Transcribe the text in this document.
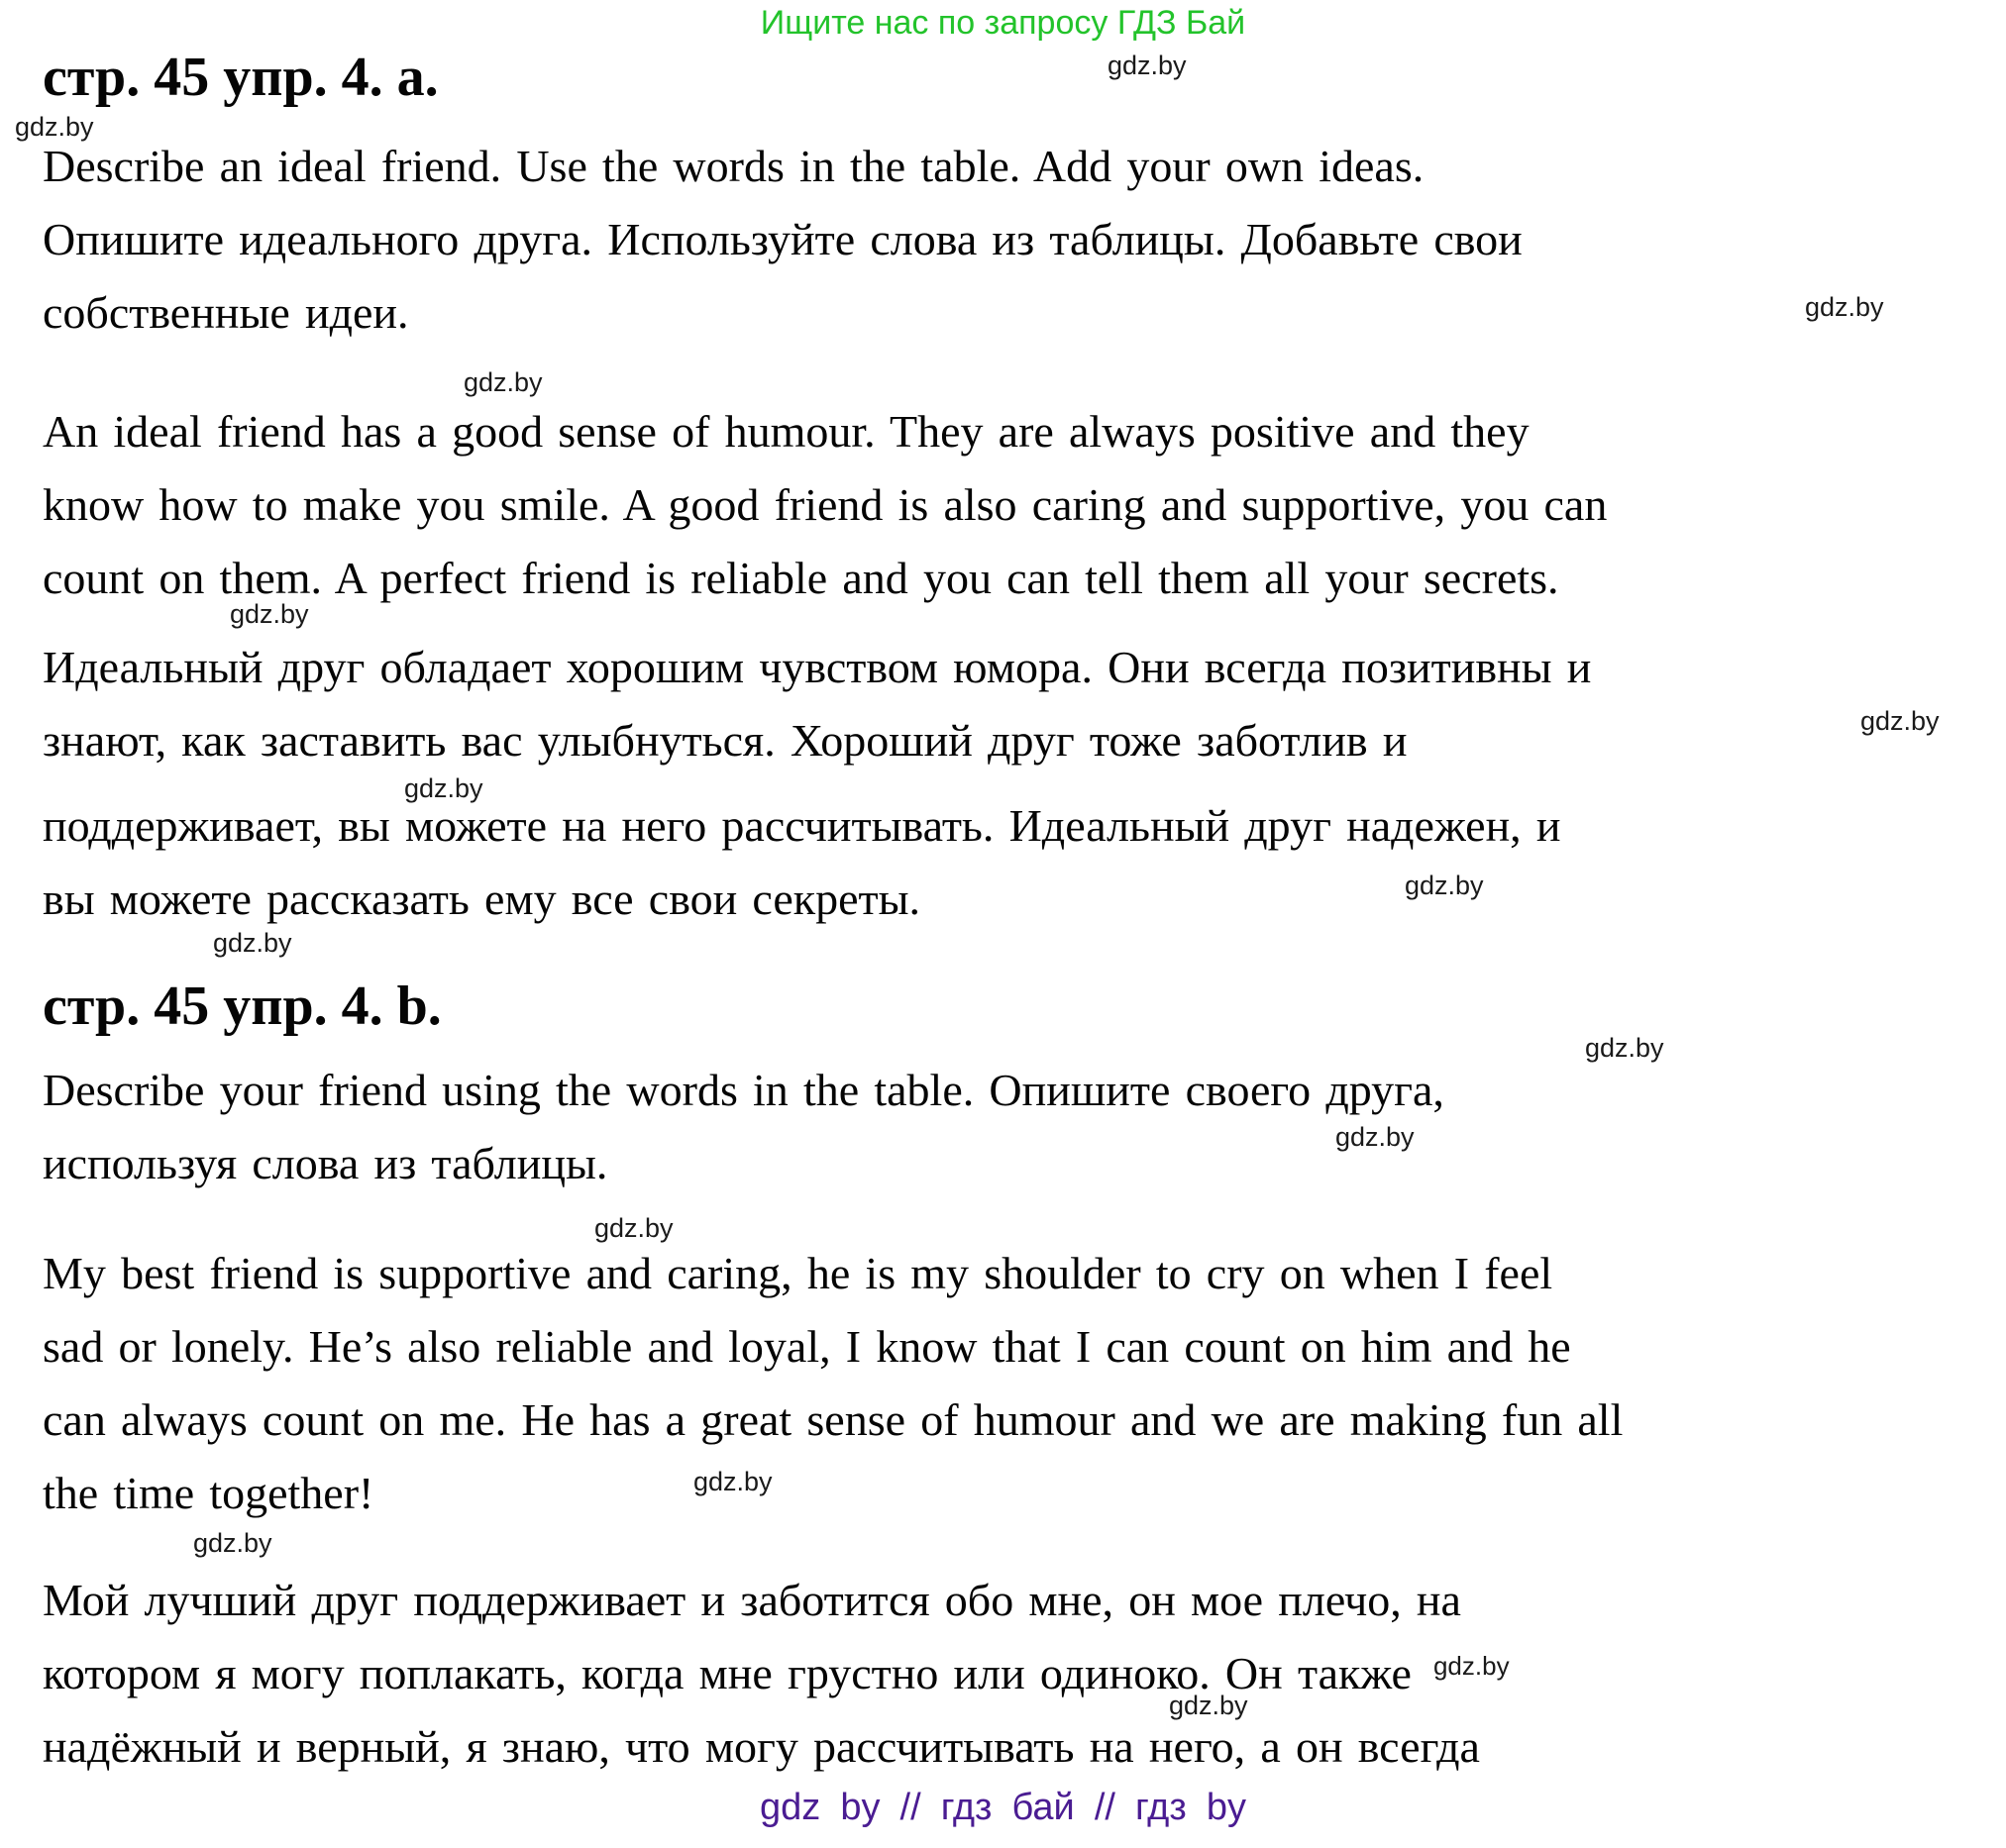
Ищите нас по запросу ГДЗ Бай
стр. 45 упр. 4. a.	gdz.by
gdz.by
Describe an ideal friend. Use the words in the table. Add your own ideas.
Опишите идеального друга. Используйте слова из таблицы. Добавьте свои
собственные идеи.	gdz.by
gdz.by
An ideal friend has a good sense of humour. They are always positive and they
know how to make you smile. A good friend is also caring and supportive, you can
count on them. A perfect friend is reliable and you can tell them all your secrets.
gdz.by
Идеальный друг обладает хорошим чувством юмора. Они всегда позитивны и
gdz.by
знают, как заставить вас улыбнуться. Хороший друг тоже заботлив и
gdz.by
поддерживает, вы можете на него рассчитывать. Идеальный друг надежен, и
gdz.by
вы можете рассказать ему все свои секреты.
gdz.by
стр. 45 упр. 4. b.
gdz.by
Describe your friend using the words in the table. Опишите своего друга,
gdz.by
используя слова из таблицы.
gdz.by
My best friend is supportive and caring, he is my shoulder to cry on when I feel
sad or lonely. He’s also reliable and loyal, I know that I can count on him and he
can always count on me. He has a great sense of humour and we are making fun all
the time together!	gdz.by
gdz.by
Мой лучший друг поддерживает и заботится обо мне, он мое плечо, на
котором я могу поплакать, когда мне грустно или одиноко. Он также $^{gdz.by}$
gdz.by
надёжный и верный, я знаю, что могу рассчитывать на него, а он всегда
gdz by // гдз бай // гдз by
